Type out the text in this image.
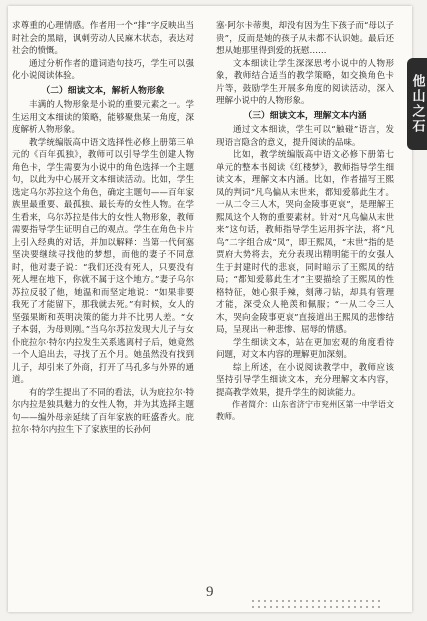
求尊重的心理情感。作者用一个“排”字反映出当时社会的黑暗，讽刺劳动人民麻木状态，表达对社会的愤慨。

通过分析作者的遣词造句技巧，学生可以强化小说阅读体验。

（二）细读文本，解析人物形象

丰满的人物形象是小说的重要元素之一。学生运用文本细读的策略，能够聚焦某一角度，深度解析人物形象。

教学统编版高中语文选择性必修上册第三单元的《百年孤独》，教师可以引导学生创建人物角色卡，学生需要为小说中的角色选择一个主题句，以此为中心展开文本细读活动。比如，学生选定乌尔苏拉这个角色，确定主题句——百年家族里最重要、最孤独、最长寿的女性人物。在学生看来，乌尔苏拉是伟大的女性人物形象，教师需要指导学生证明自己的观点。学生在角色卡片上引入经典的对话，并加以解释：当第一代何塞坚决要继续寻找他的梦想，而他的妻子不同意时，他对妻子说：“我们还没有死人，只要没有死人埋在地下，你就不属于这个地方。”妻子乌尔苏拉反驳了他，她温和而坚定地说：“如果非要我死了才能留下，那我就去死。”有时候，女人的坚强果断和英明决策的能力并不比男人差。“女子本弱，为母则刚。”当乌尔苏拉发现大儿子与女仆庇拉尔·特尔内拉发生关系逃离村子后，她竟然一个人追出去，寻找了五个月。她虽然没有找到儿子，却引来了外商，打开了马孔多与外界的通道。

有的学生提出了不同的看法，认为庇拉尔·特尔内拉是独具魅力的女性人物，并为其选择主题句——编外母亲延续了百年家族的旺盛香火。庇拉尔·特尔内拉生下了家族里的长孙何

塞·阿尔卡蒂奥，却没有因为生下孩子而“母以子贵”，反而是她的孩子从未都不认识她。最后还想从她那里得到爱的抚慰……

文本细读让学生深深思考小说中的人物形象，教师结合适当的教学策略，如交换角色卡片等，鼓励学生开展多角度的阅读活动，深入理解小说中的人物形象。

（三）细读文本，理解文本内涵

通过文本细读，学生可以“触碰”语言，发现语言隐含的意义，提升阅读的品味。

比如，教学统编版高中语文必修下册第七单元的整本书阅读《红楼梦》，教师指导学生细读文本，理解文本内涵。比如，作者描写王熙凤的判词“凡鸟偏从末世来，都知爱慕此生才。一从二令三人木，哭向金陵事更哀”，是理解王熙凤这个人物的重要素材。针对“凡鸟偏从末世来”这句话，教师指导学生运用拆字法，将“凡鸟”二字组合成“凤”，即王熙凤，“末世”指的是贾府大势将去，充分表现出精明能干的女强人生于封建时代的悲哀，同时暗示了王熙凤的结局；“都知爱慕此生才”主要描绘了王熙凤的性格特征，她心狠手辣，刻薄刁钻，却具有管理才能，深受众人艳羡和佩服；“一从二令三人木，哭向金陵事更哀”直接道出王熙凤的悲惨结局，呈现出一种悲惨、屈辱的情感。

学生细读文本，站在更加宏观的角度看待问题，对文本内容的理解更加深刻。

综上所述，在小说阅读教学中，教师应该坚持引导学生细读文本，充分理解文本内容，提高教学效果，提升学生的阅读能力。

作者简介：山东省济宁市兖州区第一中学语文教师。

9
他山之石
